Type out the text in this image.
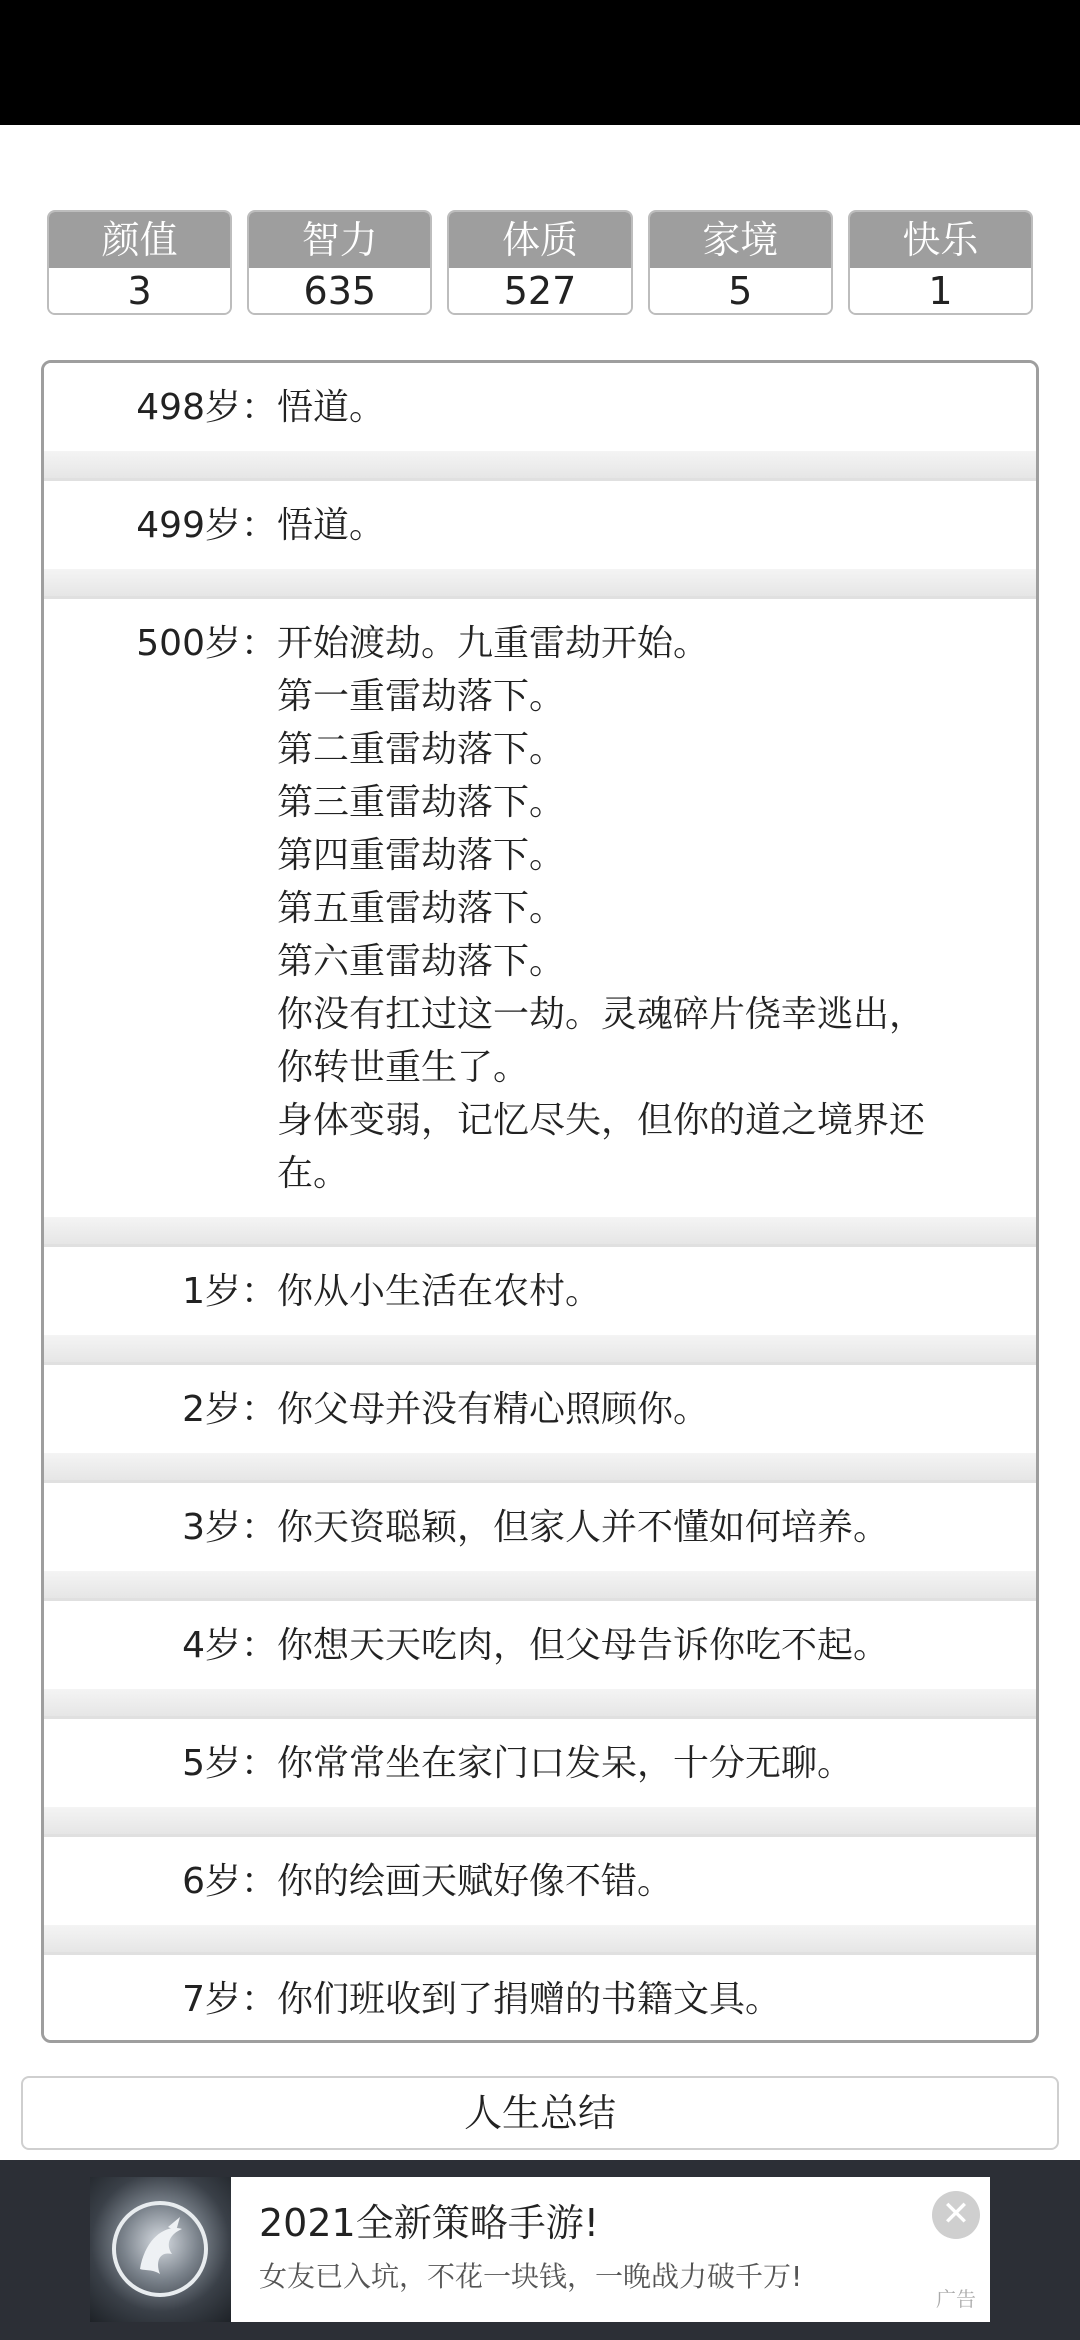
颜值
3
智力
635
体质
527
家境
5
快乐
1
498岁： 悟道。
499岁： 悟道。
500岁： 开始渡劫。九重雷劫开始。
第一重雷劫落下。
第二重雷劫落下。
第三重雷劫落下。
第四重雷劫落下。
第五重雷劫落下。
第六重雷劫落下。
你没有扛过这一劫。灵魂碎片侥幸逃出，
你转世重生了。
身体变弱，记忆尽失，但你的道之境界还
在。
1岁： 你从小生活在农村。
2岁： 你父母并没有精心照顾你。
3岁： 你天资聪颖，但家人并不懂如何培养。
4岁： 你想天天吃肉，但父母告诉你吃不起。
5岁： 你常常坐在家门口发呆，十分无聊。
6岁： 你的绘画天赋好像不错。
7岁： 你们班收到了捐赠的书籍文具。
人生总结
2021全新策略手游!
女友已入坑，不花一块钱，一晚战力破千万!
✕
广告
